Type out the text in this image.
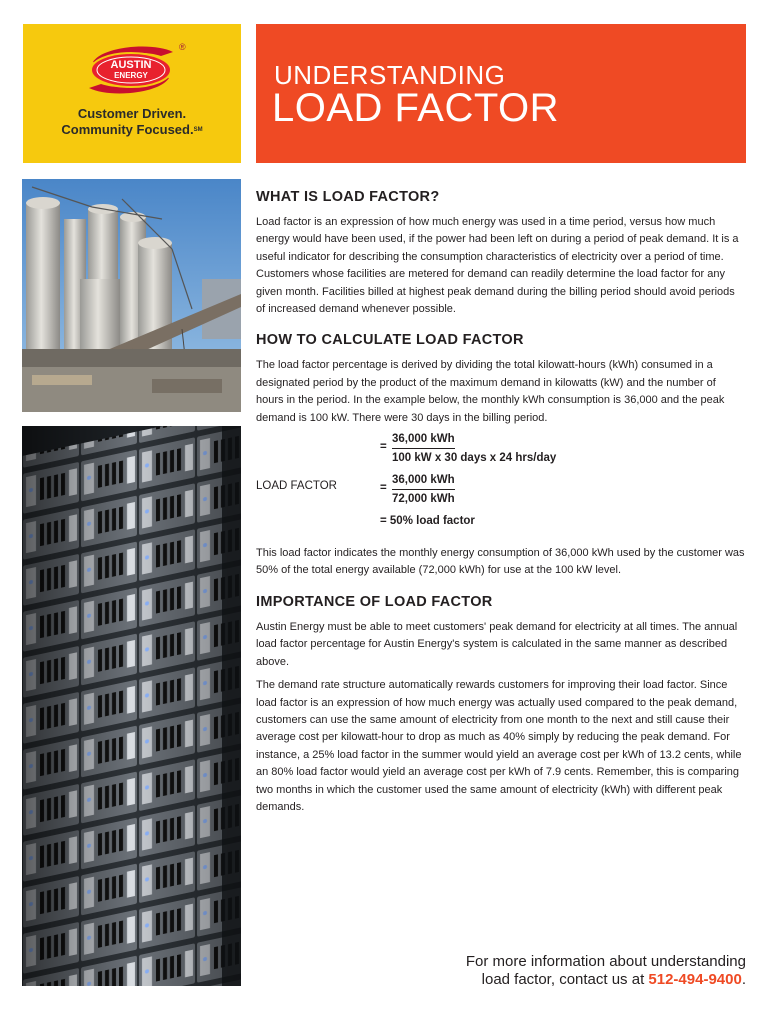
AUSTIN
ENERGY
®
Customer Driven.
Community Focused.℠
UNDERSTANDING
LOAD FACTOR
WHAT IS LOAD FACTOR?

Load factor is an expression of how much energy was used in a time period, versus how much energy would have been used, if the power had been left on during a period of peak demand. It is a useful indicator for describing the consumption characteristics of electricity over a period of time. Customers whose facilities are metered for demand can readily determine the load factor for any given month. Facilities billed at highest peak demand during the billing period should avoid periods of increased demand whenever possible.

HOW TO CALCULATE LOAD FACTOR

The load factor percentage is derived by dividing the total kilowatt-hours (kWh) consumed in a designated period by the product of the maximum demand in kilowatts (kW) and the number of hours in the period. In the example below, the monthly kWh consumption is 36,000 and the peak demand is 100 kW. There were 30 days in the billing period.

=
36,000 kWh
100 kW x 30 days x 24 hrs/day
LOAD FACTOR	=
36,000 kWh
72,000 kWh
= 50% load factor

This load factor indicates the monthly energy consumption of 36,000 kWh used by the customer was 50% of the total energy available (72,000 kWh) for use at the 100 kW level.

IMPORTANCE OF LOAD FACTOR

Austin Energy must be able to meet customers' peak demand for electricity at all times. The annual load factor percentage for Austin Energy's system is calculated in the same manner as described above.

The demand rate structure automatically rewards customers for improving their load factor. Since load factor is an expression of how much energy was actually used compared to the peak demand, customers can use the same amount of electricity from one month to the next and still cause their average cost per kilowatt-hour to drop as much as 40% simply by reducing the peak demand. For instance, a 25% load factor in the summer would yield an average cost per kWh of 13.2 cents, while an 80% load factor would yield an average cost per kWh of 7.9 cents. Remember, this is comparing two months in which the customer used the same amount of electricity (kWh) with different peak demands.

For more information about understanding
load factor, contact us at 512-494-9400.
